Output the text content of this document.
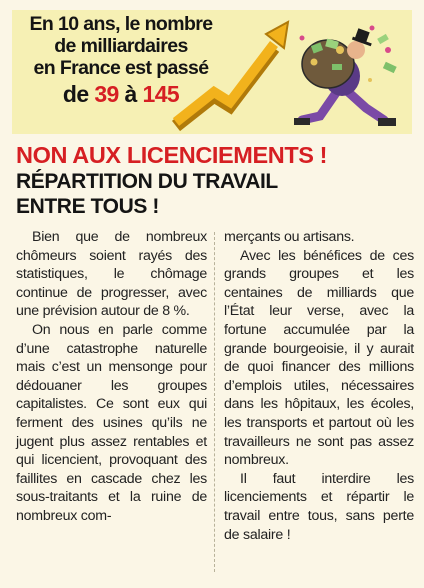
En 10 ans, le nombre
de milliardaires
en France est passé
de 39 à 145
NON AUX LICENCIEMENTS !
RÉPARTITION DU TRAVAIL
ENTRE TOUS !

Bien que de nombreux chômeurs soient rayés des statistiques, le chômage continue de progresser, avec une prévision autour de 8 %.

On nous en parle comme d’une catastrophe naturelle mais c’est un mensonge pour dédouaner les groupes capitalistes. Ce sont eux qui ferment des usines qu’ils ne jugent plus assez rentables et qui licencient, provoquant des faillites en cascade chez les sous-traitants et la ruine de nombreux com-

merçants ou artisans.

Avec les bénéfices de ces grands groupes et les centaines de milliards que l’État leur verse, avec la fortune accumulée par la grande bourgeoisie, il y aurait de quoi financer des millions d’emplois utiles, nécessaires dans les hôpitaux, les écoles, les transports et partout où les travailleurs ne sont pas assez nombreux.

Il faut interdire les licenciements et répartir le travail entre tous, sans perte de salaire !
